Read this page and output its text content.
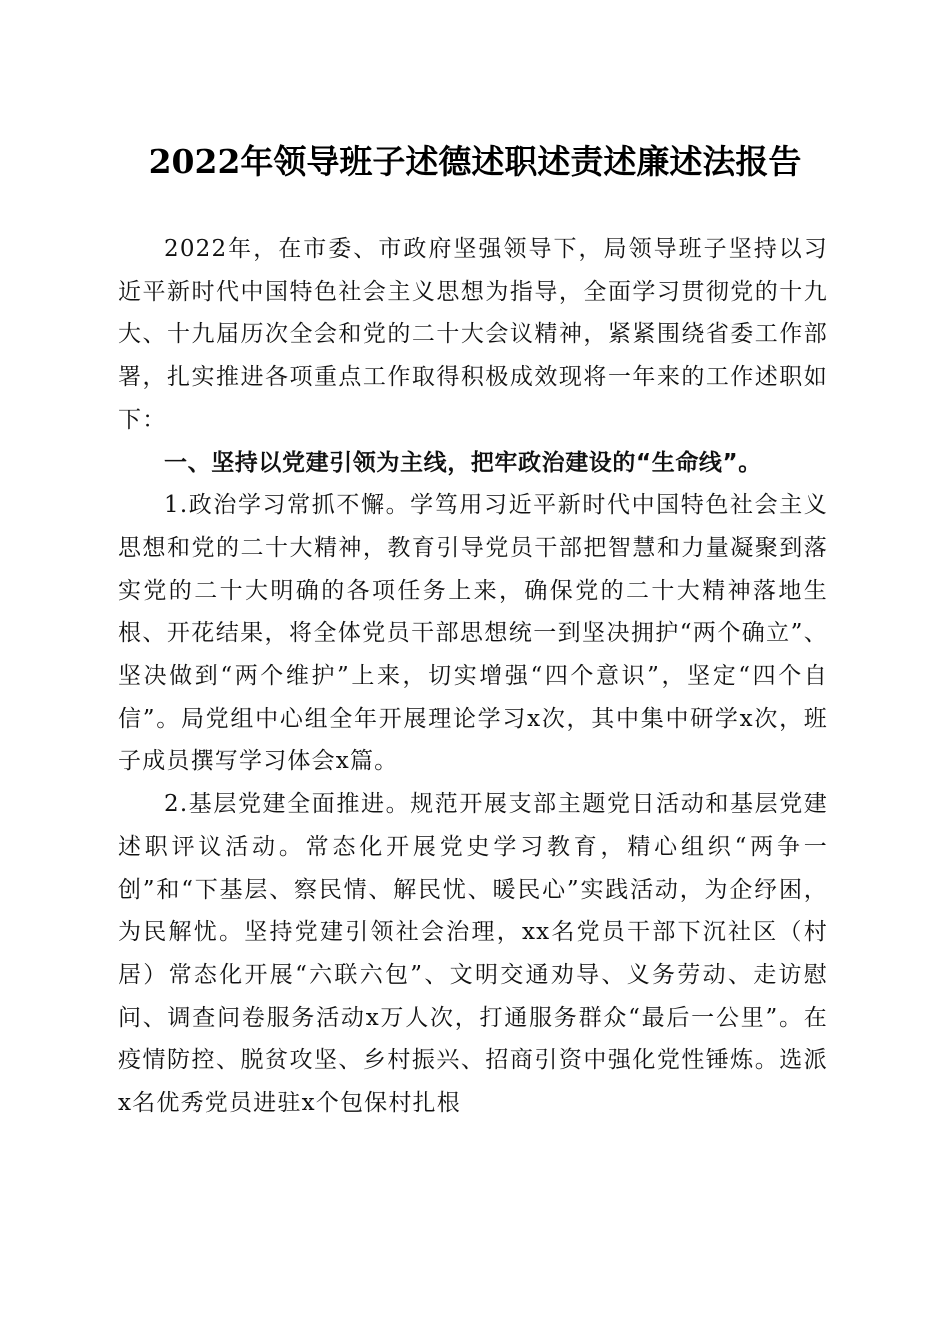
2022年领导班子述德述职述责述廉述法报告

2022年，在市委、市政府坚强领导下，局领导班子坚持以习近平新时代中国特色社会主义思想为指导，全面学习贯彻党的十九大、十九届历次全会和党的二十大会议精神，紧紧围绕省委工作部署，扎实推进各项重点工作取得积极成效现将一年来的工作述职如下：

一、坚持以党建引领为主线，把牢政治建设的“生命线”。

1.政治学习常抓不懈。学笃用习近平新时代中国特色社会主义思想和党的二十大精神，教育引导党员干部把智慧和力量凝聚到落实党的二十大明确的各项任务上来，确保党的二十大精神落地生根、开花结果，将全体党员干部思想统一到坚决拥护“两个确立”、坚决做到“两个维护”上来，切实增强“四个意识”，坚定“四个自信”。局党组中心组全年开展理论学习x次，其中集中研学x次，班子成员撰写学习体会x篇。

2.基层党建全面推进。规范开展支部主题党日活动和基层党建述职评议活动。常态化开展党史学习教育，精心组织“两争一创”和“下基层、察民情、解民忧、暖民心”实践活动，为企纾困，为民解忧。坚持党建引领社会治理，xx名党员干部下沉社区（村居）常态化开展“六联六包”、文明交通劝导、义务劳动、走访慰问、调查问卷服务活动x万人次，打通服务群众“最后一公里”。在疫情防控、脱贫攻坚、乡村振兴、招商引资中强化党性锤炼。选派x名优秀党员进驻x个包保村扎根
